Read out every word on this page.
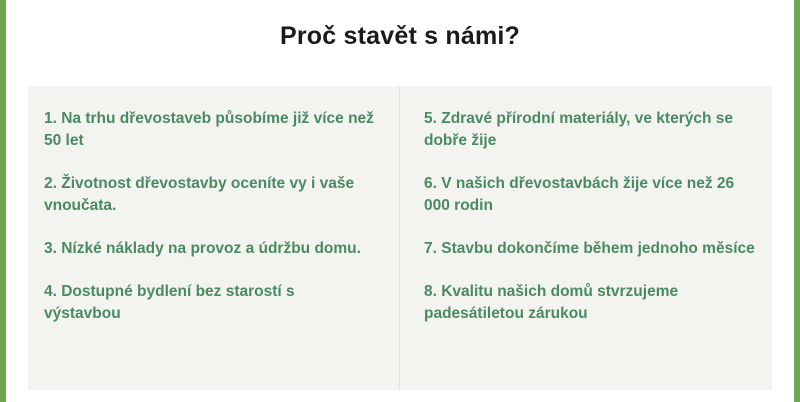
Proč stavět s námi?
1. Na trhu dřevostaveb působíme již více než 50 let
2. Životnost dřevostavby oceníte vy i vaše vnoučata.
3. Nízké náklady na provoz a údržbu domu.
4. Dostupné bydlení bez starostí s výstavbou
5. Zdravé přírodní materiály, ve kterých se dobře žije
6. V našich dřevostavbách žije více než 26 000 rodin
7. Stavbu dokončíme během jednoho měsíce
8. Kvalitu našich domů stvrzujeme padesátiletou zárukou
